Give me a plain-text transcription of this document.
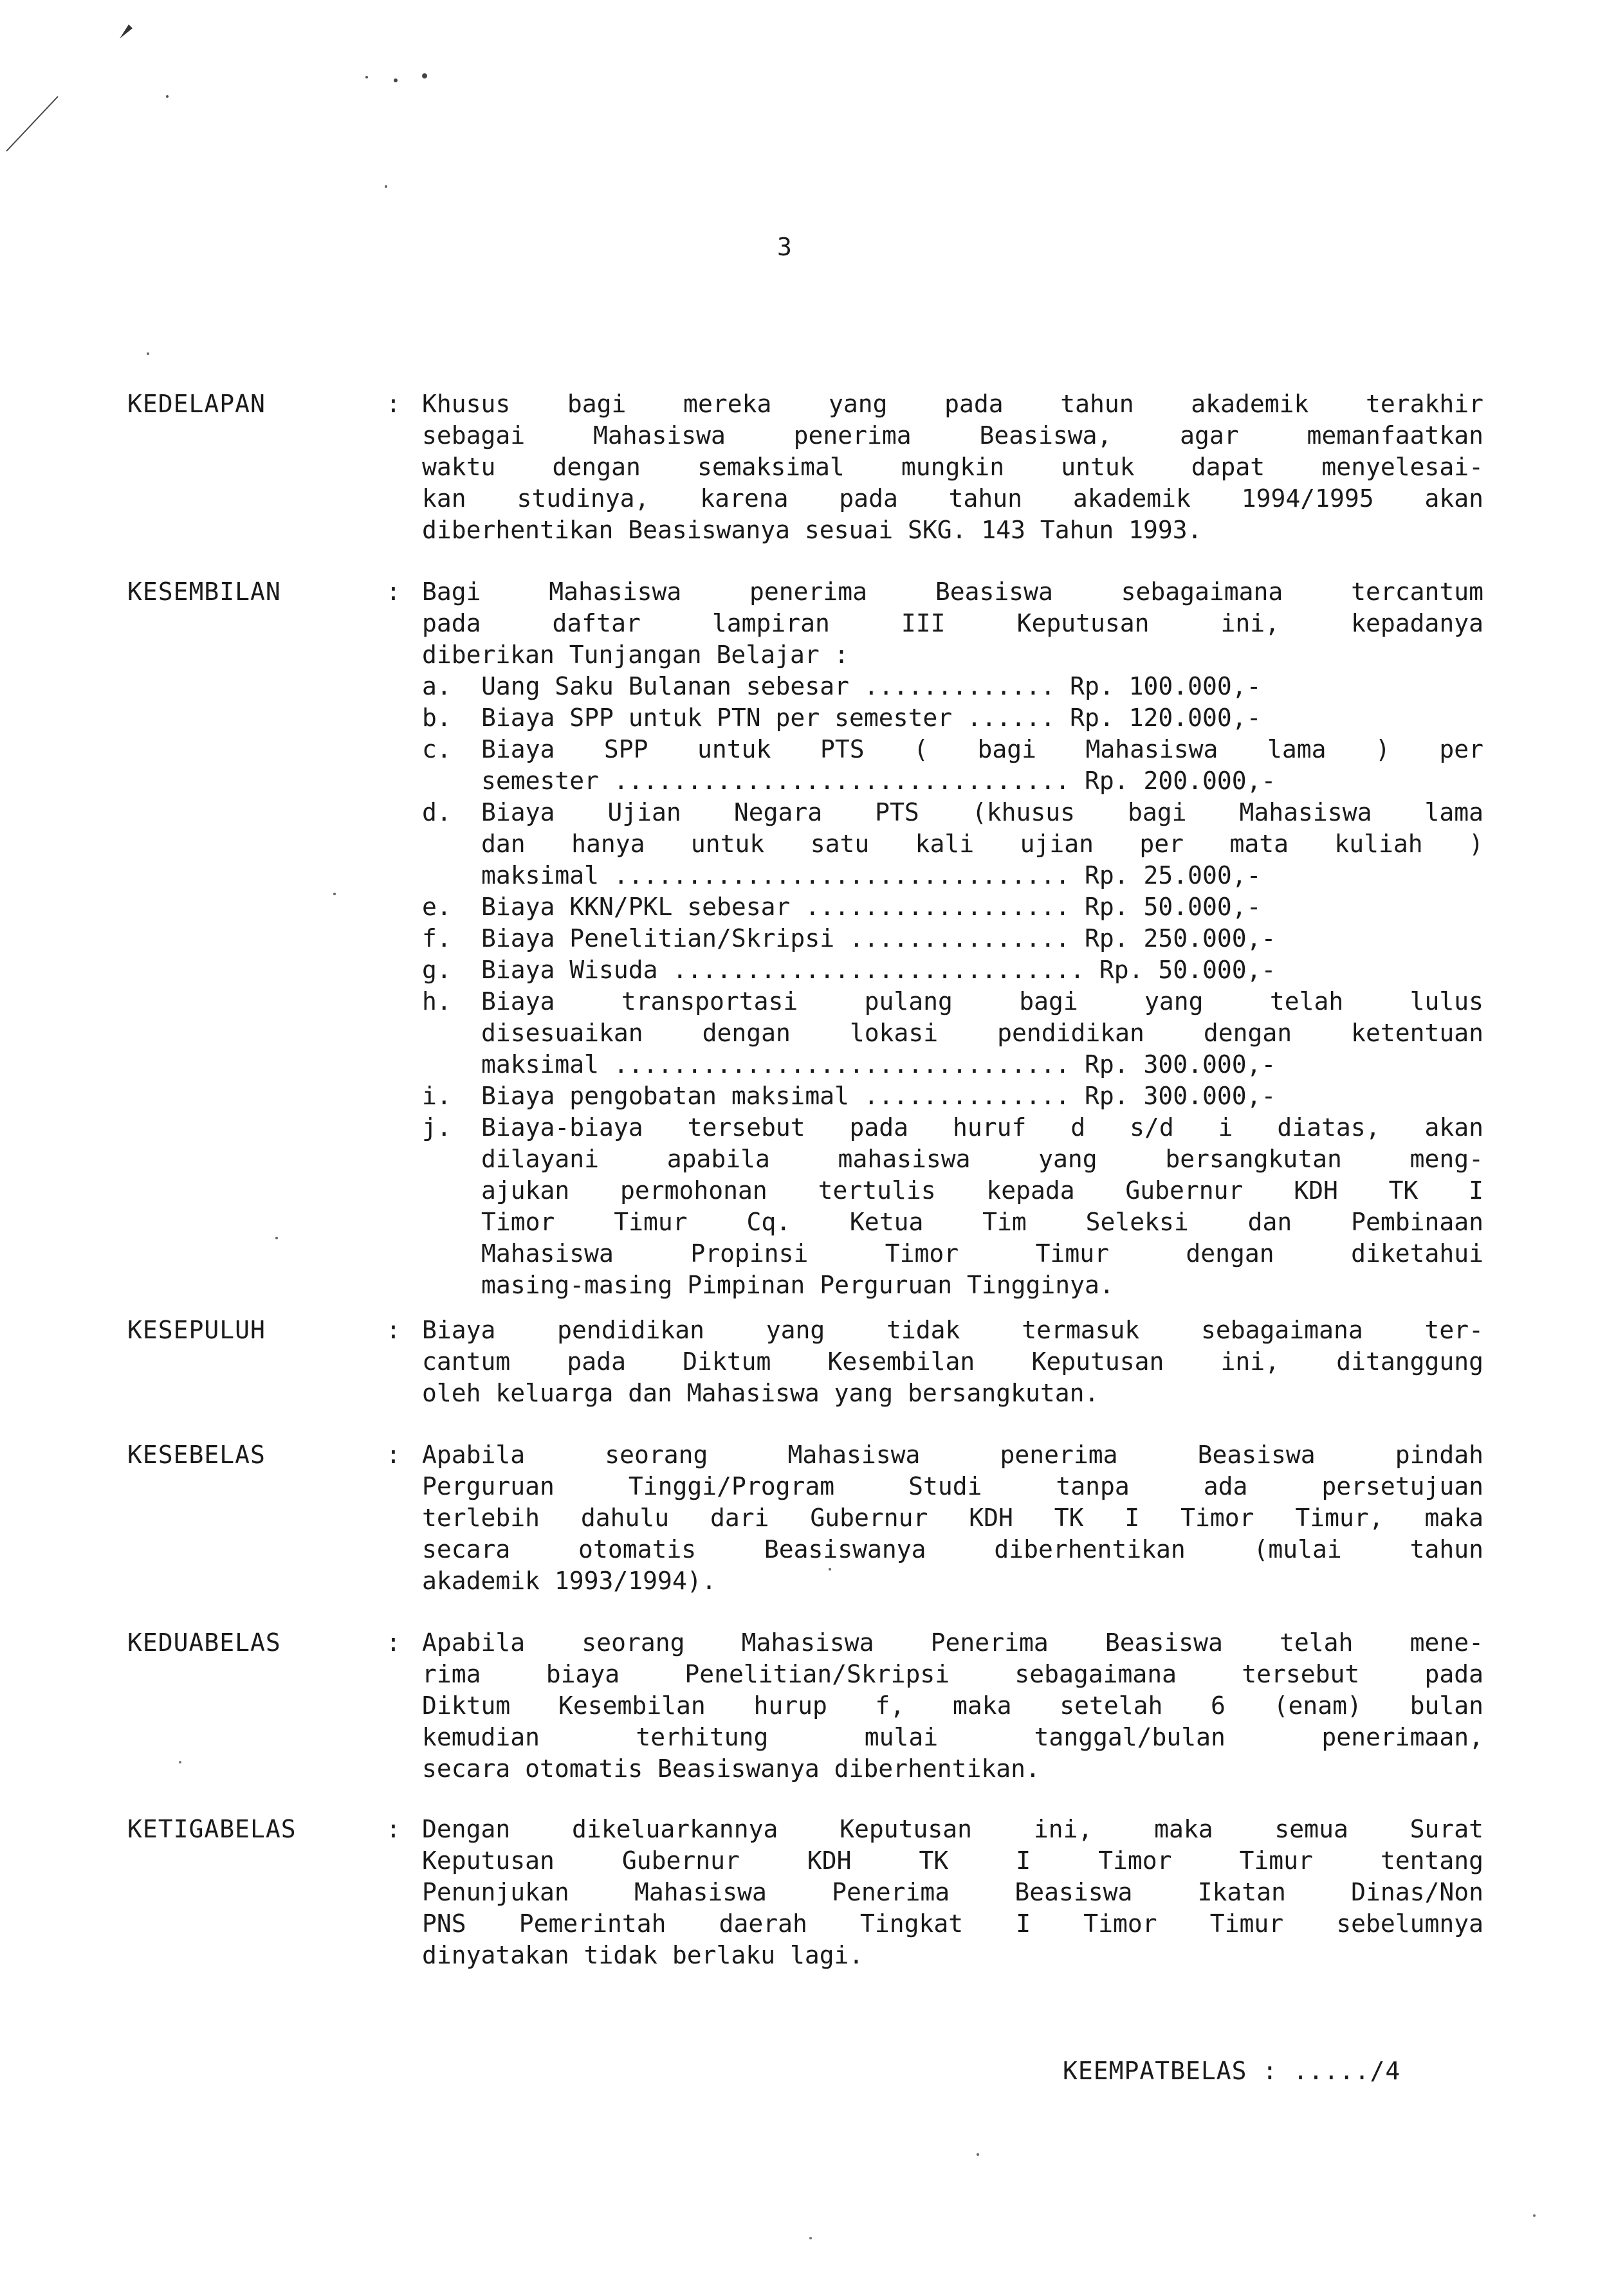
3
KEDELAPAN	: Khusus bagi mereka yang pada tahun akademik terakhir
sebagai Mahasiswa penerima Beasiswa, agar memanfaatkan
waktu dengan semaksimal mungkin untuk dapat menyelesai-
kan studinya, karena pada tahun akademik 1994/1995 akan
diberhentikan Beasiswanya sesuai SKG. 143 Tahun 1993.
KESEMBILAN	: Bagi Mahasiswa penerima Beasiswa sebagaimana tercantum
pada daftar lampiran III Keputusan ini, kepadanya
diberikan Tunjangan Belajar :
a. Uang Saku Bulanan sebesar ............. Rp. 100.000,-
b. Biaya SPP untuk PTN per semester ...... Rp. 120.000,-
c. Biaya SPP untuk PTS ( bagi Mahasiswa lama ) per
semester ............................... Rp. 200.000,-
d. Biaya Ujian Negara PTS (khusus bagi Mahasiswa lama
dan hanya untuk satu kali ujian per mata kuliah )
maksimal ............................... Rp. 25.000,-
e. Biaya KKN/PKL sebesar .................. Rp. 50.000,-
f. Biaya Penelitian/Skripsi ............... Rp. 250.000,-
g. Biaya Wisuda ............................ Rp. 50.000,-
h. Biaya transportasi pulang bagi yang telah lulus
disesuaikan dengan lokasi pendidikan dengan ketentuan
maksimal ............................... Rp. 300.000,-
i. Biaya pengobatan maksimal .............. Rp. 300.000,-
j. Biaya-biaya tersebut pada huruf d s/d i diatas, akan
dilayani apabila mahasiswa yang bersangkutan meng-
ajukan permohonan tertulis kepada Gubernur KDH TK I
Timor Timur Cq. Ketua Tim Seleksi dan Pembinaan
Mahasiswa Propinsi Timor Timur dengan diketahui
masing-masing Pimpinan Perguruan Tingginya.
KESEPULUH	: Biaya pendidikan yang tidak termasuk sebagaimana ter-
cantum pada Diktum Kesembilan Keputusan ini, ditanggung
oleh keluarga dan Mahasiswa yang bersangkutan.
KESEBELAS	: Apabila seorang Mahasiswa penerima Beasiswa pindah
Perguruan Tinggi/Program Studi tanpa ada persetujuan
terlebih dahulu dari Gubernur KDH TK I Timor Timur, maka
secara otomatis Beasiswanya diberhentikan (mulai tahun
akademik 1993/1994).
KEDUABELAS	: Apabila seorang Mahasiswa Penerima Beasiswa telah mene-
rima biaya Penelitian/Skripsi sebagaimana tersebut pada
Diktum Kesembilan hurup f, maka setelah 6 (enam) bulan
kemudian terhitung mulai tanggal/bulan penerimaan,
secara otomatis Beasiswanya diberhentikan.
KETIGABELAS	: Dengan dikeluarkannya Keputusan ini, maka semua Surat
Keputusan Gubernur KDH TK I Timor Timur tentang
Penunjukan Mahasiswa Penerima Beasiswa Ikatan Dinas/Non
PNS Pemerintah daerah Tingkat I Timor Timur sebelumnya
dinyatakan tidak berlaku lagi.
KEEMPATBELAS : ...../4
